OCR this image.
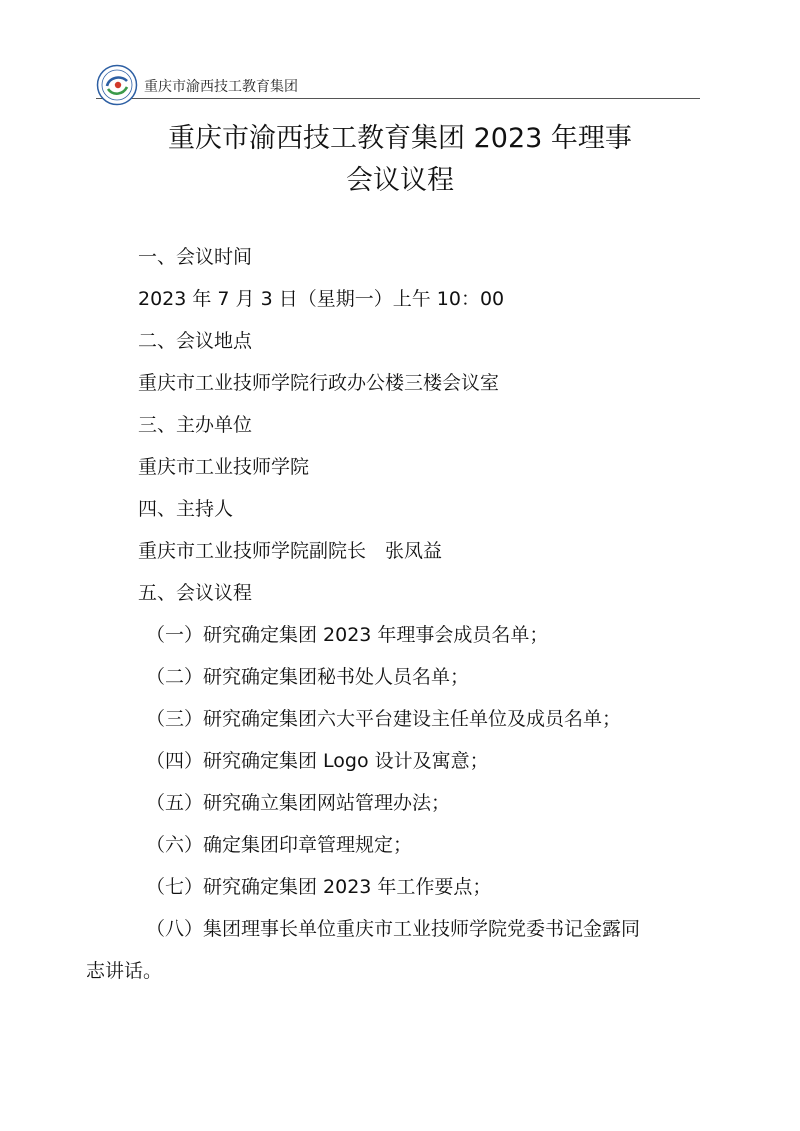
重庆市渝西技工教育集团
重庆市渝西技工教育集团 2023 年理事
会议议程
一、会议时间
2023 年 7 月 3 日（星期一）上午 10：00
二、会议地点
重庆市工业技师学院行政办公楼三楼会议室
三、主办单位
重庆市工业技师学院
四、主持人
重庆市工业技师学院副院长　张凤益
五、会议议程
（一）研究确定集团 2023 年理事会成员名单；
（二）研究确定集团秘书处人员名单；
（三）研究确定集团六大平台建设主任单位及成员名单；
（四）研究确定集团 Logo 设计及寓意；
（五）研究确立集团网站管理办法；
（六）确定集团印章管理规定；
（七）研究确定集团 2023 年工作要点；
（八）集团理事长单位重庆市工业技师学院党委书记金露同
志讲话。
